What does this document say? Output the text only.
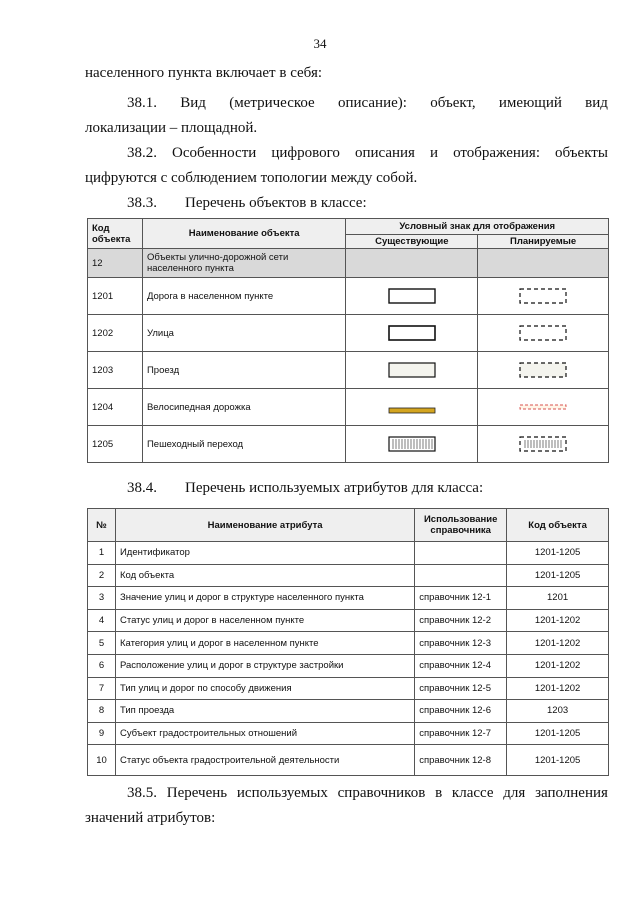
34
населенного пункта включает в себя:
38.1. Вид (метрическое описание): объект, имеющий вид
локализации – площадной.
38.2. Особенности цифрового описания и отображения: объекты
цифруются с соблюдением топологии между собой.
38.3. Перечень объектов в классе:
Код объекта	Наименование объекта	Условный знак для отображения	
		Существующие	Планируемые
12	Объекты улично-дорожной сети населенного пункта		
1201	Дорога в населенном пункте	

1202	Улица	

1203	Проезд	

1204	Велосипедная дорожка	

1205	Пешеходный переход	

38.4. Перечень используемых атрибутов для класса:
№	Наименование атрибута	Использование справочника	Код объекта
1	Идентификатор		1201-1205
2	Код объекта		1201-1205
3	Значение улиц и дорог в структуре населенного пункта	справочник 12-1	1201
4	Статус улиц и дорог в населенном пункте	справочник 12-2	1201-1202
5	Категория улиц и дорог в населенном пункте	справочник 12-3	1201-1202
6	Расположение улиц и дорог в структуре застройки	справочник 12-4	1201-1202
7	Тип улиц и дорог по способу движения	справочник 12-5	1201-1202
8	Тип проезда	справочник 12-6	1203
9	Субъект градостроительных отношений	справочник 12-7	1201-1205
10	Статус объекта градостроительной деятельности	справочник 12-8	1201-1205
38.5. Перечень используемых справочников в классе для заполнения
значений атрибутов:
